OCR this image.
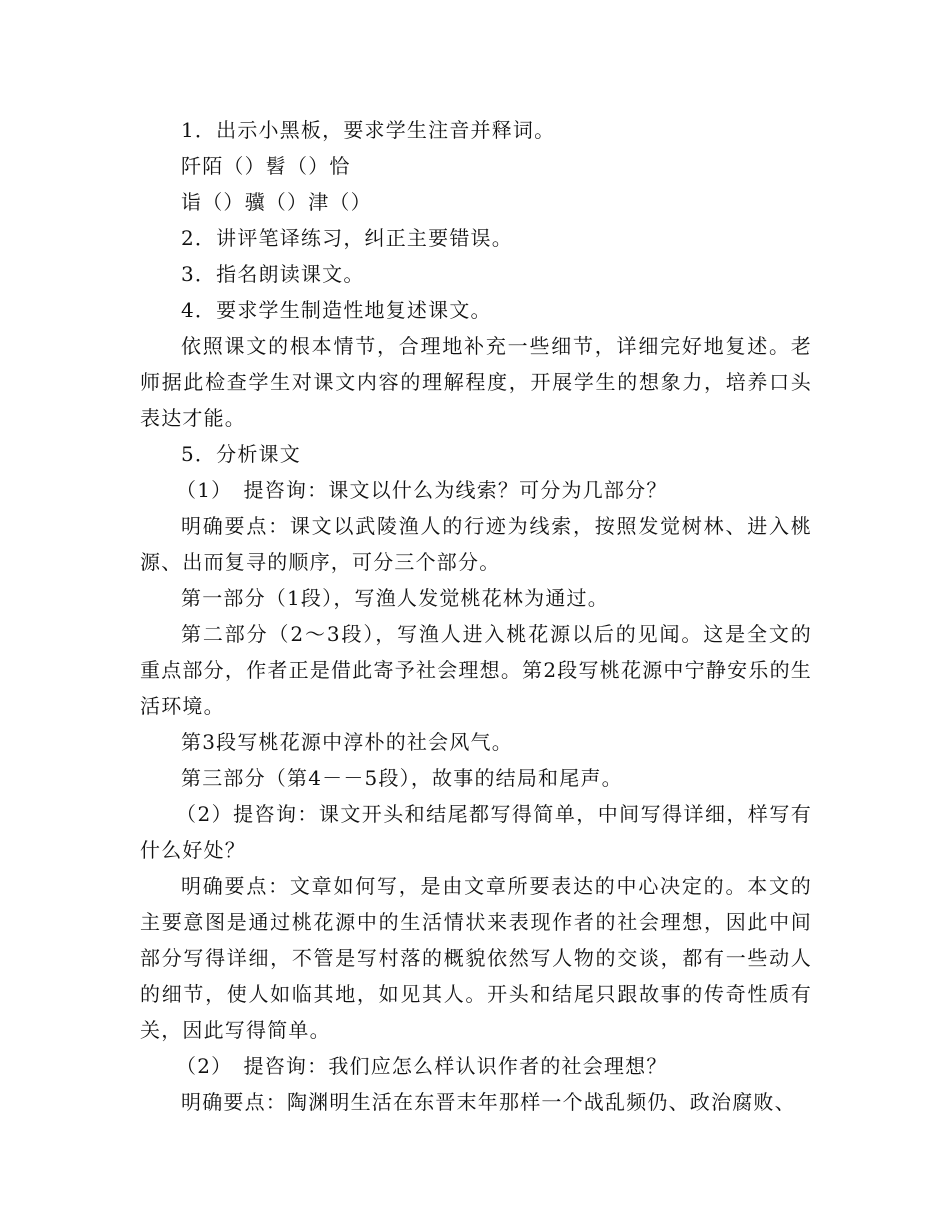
1．出示小黑板，要求学生注音并释词。

阡陌（）髫（）恰

诣（）骥（）津（）

2．讲评笔译练习，纠正主要错误。

3．指名朗读课文。

4．要求学生制造性地复述课文。

依照课文的根本情节，合理地补充一些细节，详细完好地复述。老师据此检查学生对课文内容的理解程度，开展学生的想象力，培养口头表达才能。

5．分析课文

（1）　提咨询：课文以什么为线索？可分为几部分？

明确要点：课文以武陵渔人的行迹为线索，按照发觉树林、进入桃源、出而复寻的顺序，可分三个部分。

第一部分（1段），写渔人发觉桃花林为通过。

第二部分（2～3段），写渔人进入桃花源以后的见闻。这是全文的重点部分，作者正是借此寄予社会理想。第2段写桃花源中宁静安乐的生活环境。

第3段写桃花源中淳朴的社会风气。

第三部分（第4－－5段），故事的结局和尾声。

（2）提咨询：课文开头和结尾都写得简单，中间写得详细，样写有什么好处？

明确要点：文章如何写，是由文章所要表达的中心决定的。本文的主要意图是通过桃花源中的生活情状来表现作者的社会理想，因此中间部分写得详细，不管是写村落的概貌依然写人物的交谈，都有一些动人的细节，使人如临其地，如见其人。开头和结尾只跟故事的传奇性质有关，因此写得简单。

（2）　提咨询：我们应怎么样认识作者的社会理想？

明确要点：陶渊明生活在东晋末年那样一个战乱频仍、政治腐败、
